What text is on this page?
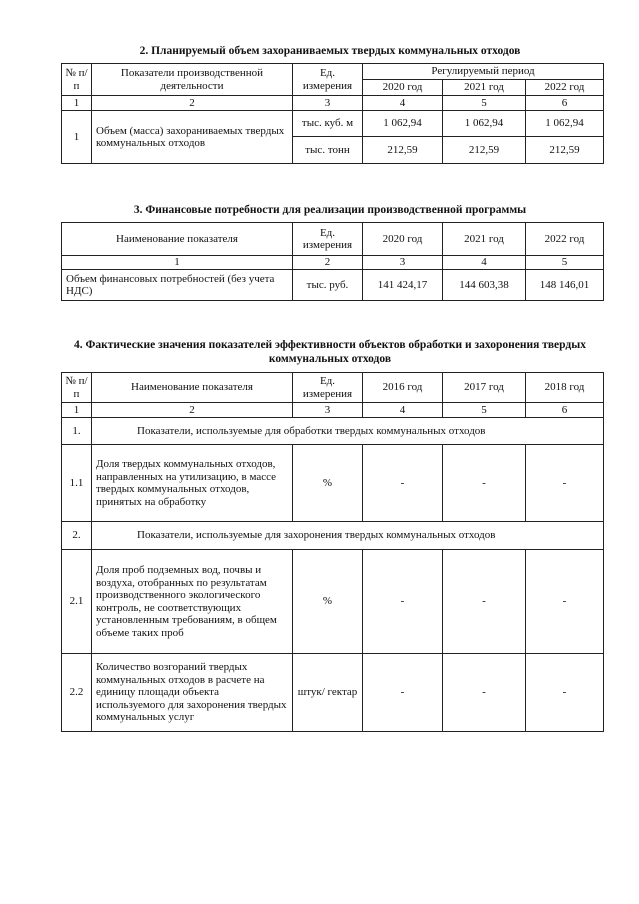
2. Планируемый объем захораниваемых твердых коммунальных отходов
№ п/п	Показатели производственной деятельности	Ед. измерения	Регулируемый период		
			2020 год	2021 год	2022 год
1	2	3	4	5	6
1	Объем (масса) захораниваемых твердых коммунальных отходов	тыс. куб. м	1 062,94	1 062,94	1 062,94
		тыс. тонн	212,59	212,59	212,59
3. Финансовые потребности для реализации производственной программы
Наименование показателя	Ед. измерения	2020 год	2021 год	2022 год
1	2	3	4	5
Объем финансовых потребностей (без учета НДС)	тыс. руб.	141 424,17	144 603,38	148 146,01
4. Фактические значения показателей эффективности объектов обработки и захоронения твердых коммунальных отходов
№ п/п	Наименование показателя	Ед. измерения	2016 год	2017 год	2018 год
1	2	3	4	5	6
1.	Показатели, используемые для обработки твердых коммунальных отходов				
1.1	Доля твердых коммунальных отходов, направленных на утилизацию, в массе твердых коммунальных отходов, принятых на обработку	%	-	-	-
2.	Показатели, используемые для захоронения твердых коммунальных отходов				
2.1	Доля проб подземных вод, почвы и воздуха, отобранных по результатам производственного экологического контроль, не соответствующих установленным требованиям, в общем объеме таких проб	%	-	-	-
2.2	Количество возгораний твердых коммунальных отходов в расчете на единицу площади объекта используемого для захоронения твердых коммунальных услуг	штук/ гектар	-	-	-
